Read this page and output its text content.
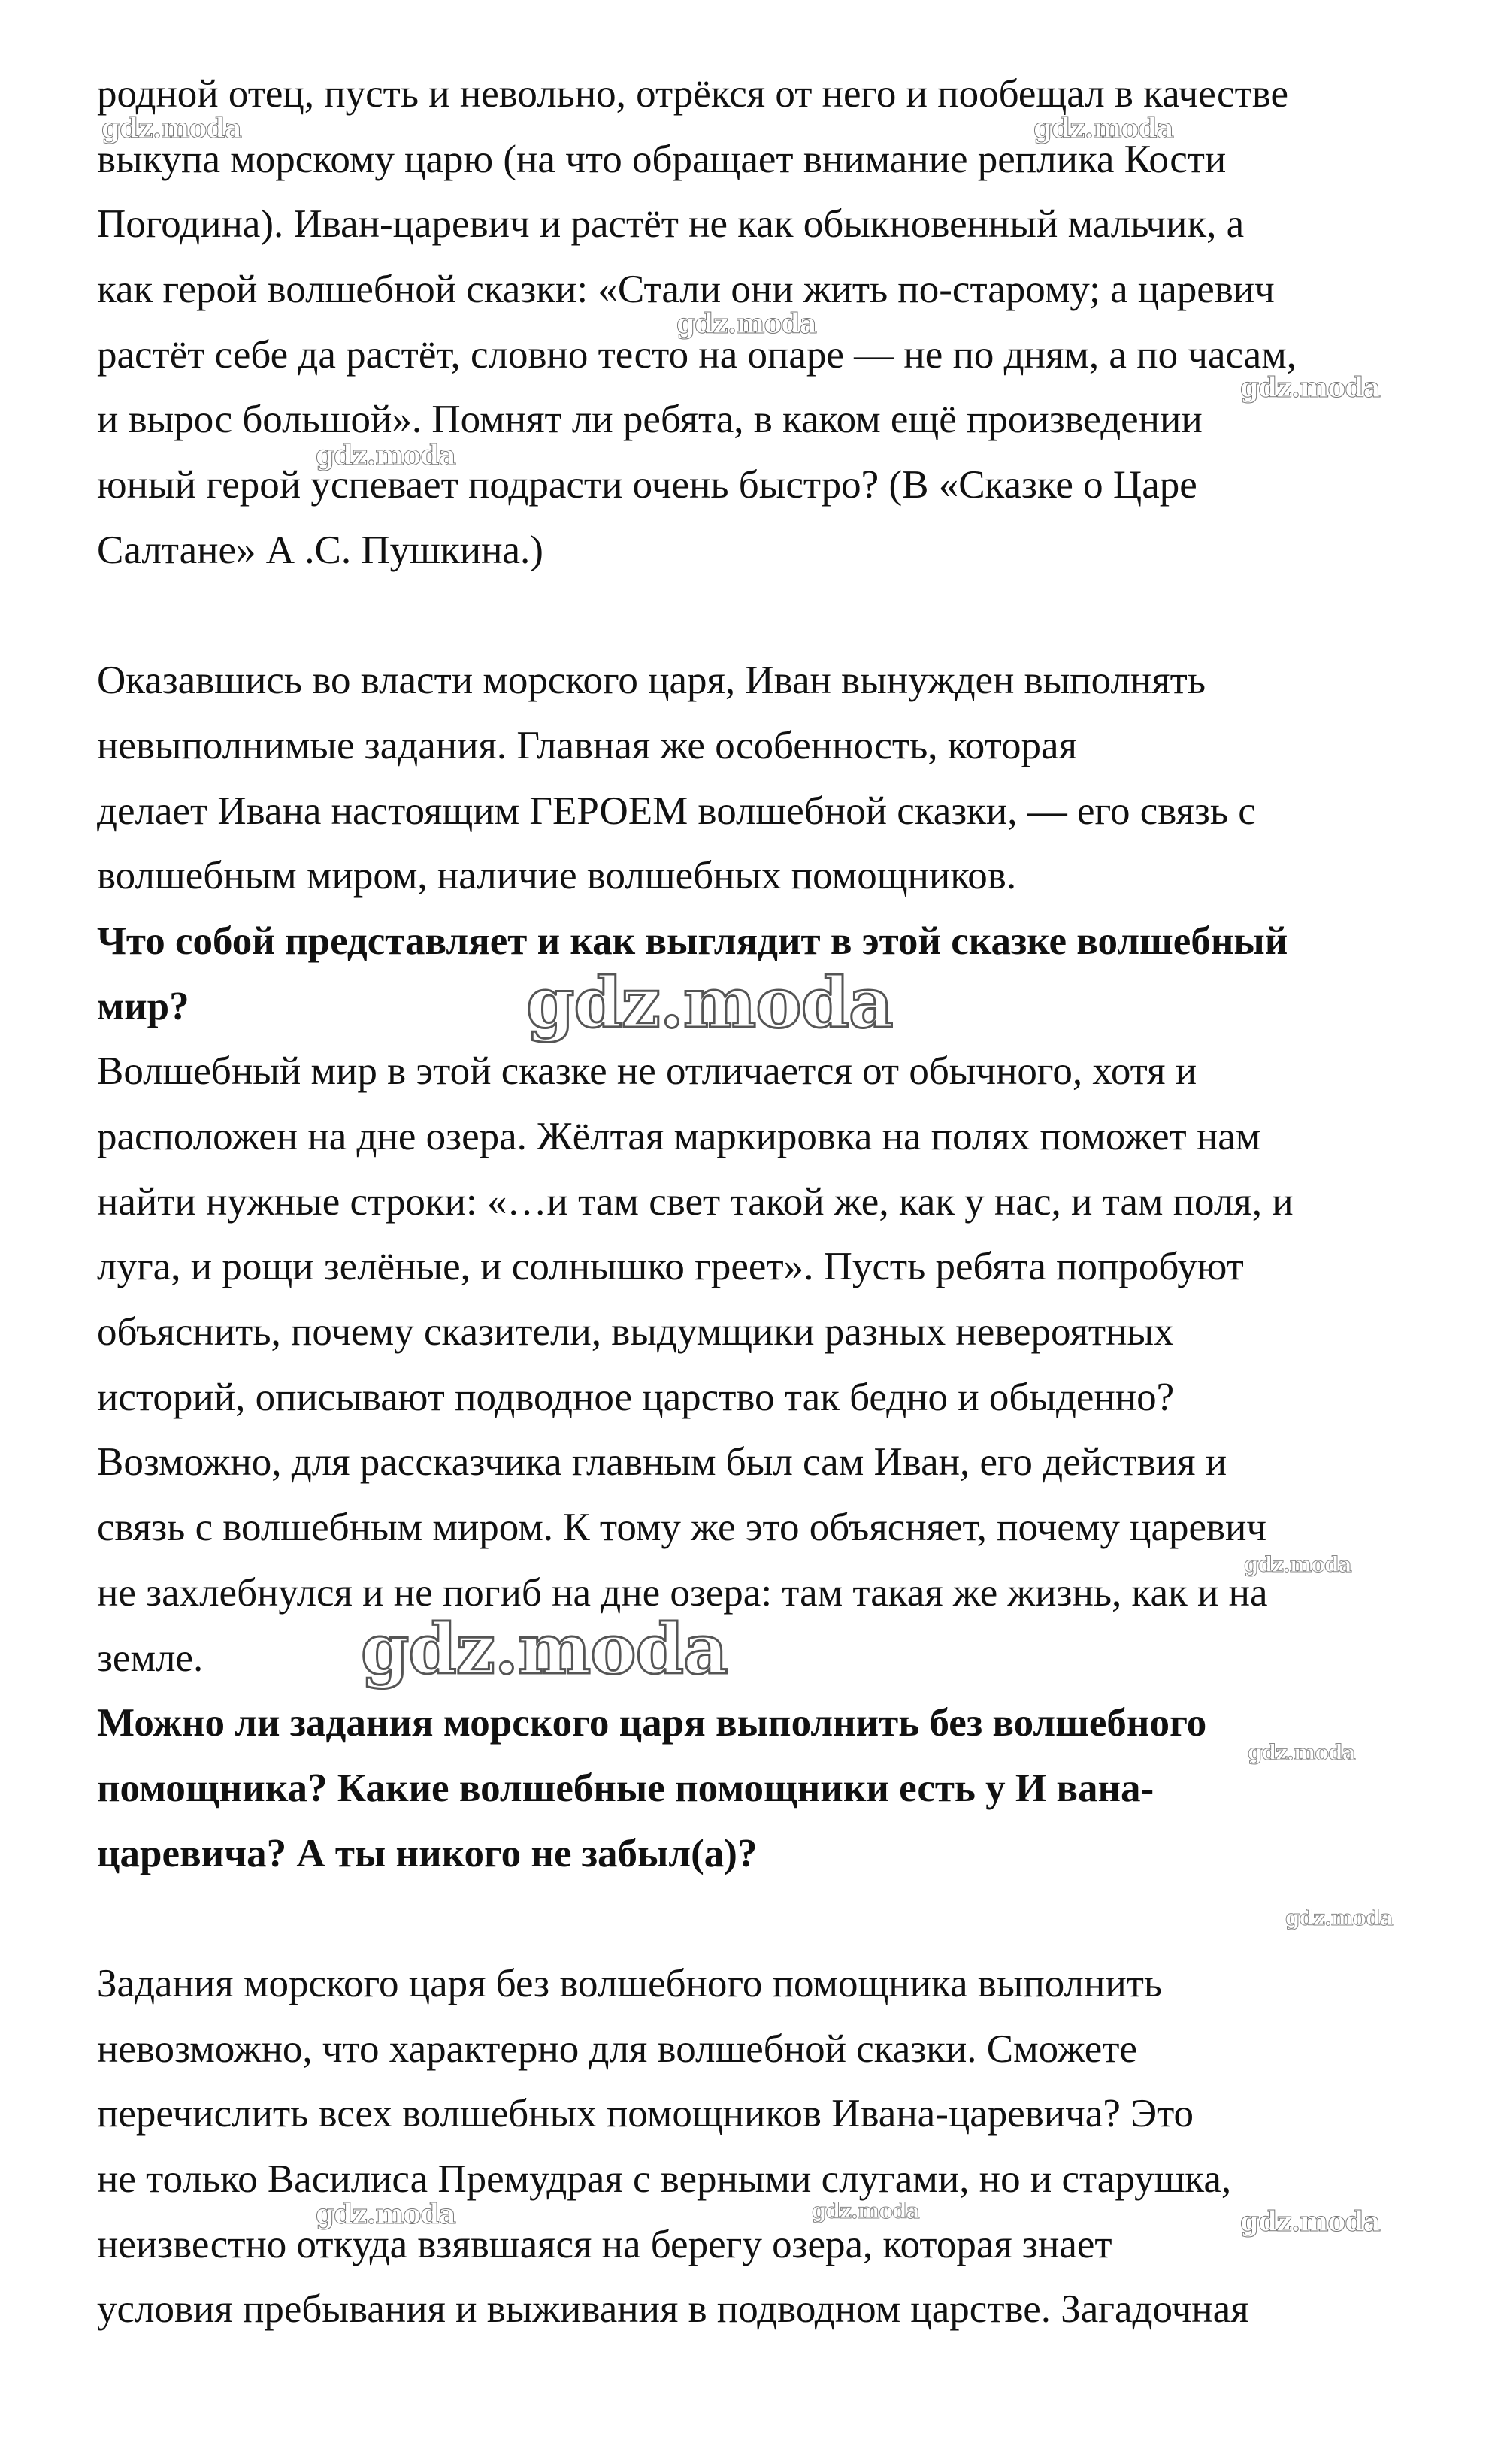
родной отец, пусть и невольно, отрёкся от него и пообещал в качестве
выкупа морскому царю (на что обращает внимание реплика Кости
Погодина). Иван-царевич и растёт не как обыкновенный мальчик, а
как герой волшебной сказки: «Стали они жить по-старому; а царевич
растёт себе да растёт, словно тесто на опаре — не по дням, а по часам,
и вырос большой». Помнят ли ребята, в каком ещё произведении
юный герой успевает подрасти очень быстро? (В «Сказке о Царе
Салтане» А .С. Пушкина.)
Оказавшись во власти морского царя, Иван вынужден выполнять
невыполнимые задания. Главная же особенность, которая
делает Ивана настоящим ГЕРОЕМ волшебной сказки, — его связь с
волшебным миром, наличие волшебных помощников.
Что собой представляет и как выглядит в этой сказке волшебный
мир?
Волшебный мир в этой сказке не отличается от обычного, хотя и
расположен на дне озера. Жёлтая маркировка на полях поможет нам
найти нужные строки: «…и там свет такой же, как у нас, и там поля, и
луга, и рощи зелёные, и солнышко греет». Пусть ребята попробуют
объяснить, почему сказители, выдумщики разных невероятных
историй, описывают подводное царство так бедно и обыденно?
Возможно, для рассказчика главным был сам Иван, его действия и
связь с волшебным миром. К тому же это объясняет, почему царевич
не захлебнулся и не погиб на дне озера: там такая же жизнь, как и на
земле.
Можно ли задания морского царя выполнить без волшебного
помощника? Какие волшебные помощники есть у И вана-
царевича? А ты никого не забыл(а)?
Задания морского царя без волшебного помощника выполнить
невозможно, что характерно для волшебной сказки. Сможете
перечислить всех волшебных помощников Ивана-царевича? Это
не только Василиса Премудрая с верными слугами, но и старушка,
неизвестно откуда взявшаяся на берегу озера, которая знает
условия пребывания и выживания в подводном царстве. Загадочная
gdz.moda	gdz.moda
gdz.moda
gdz.moda
gdz.moda
gdz.moda
gdz.moda
gdz.moda
gdz.moda
gdz.moda
gdz.moda	gdz.moda	gdz.moda
